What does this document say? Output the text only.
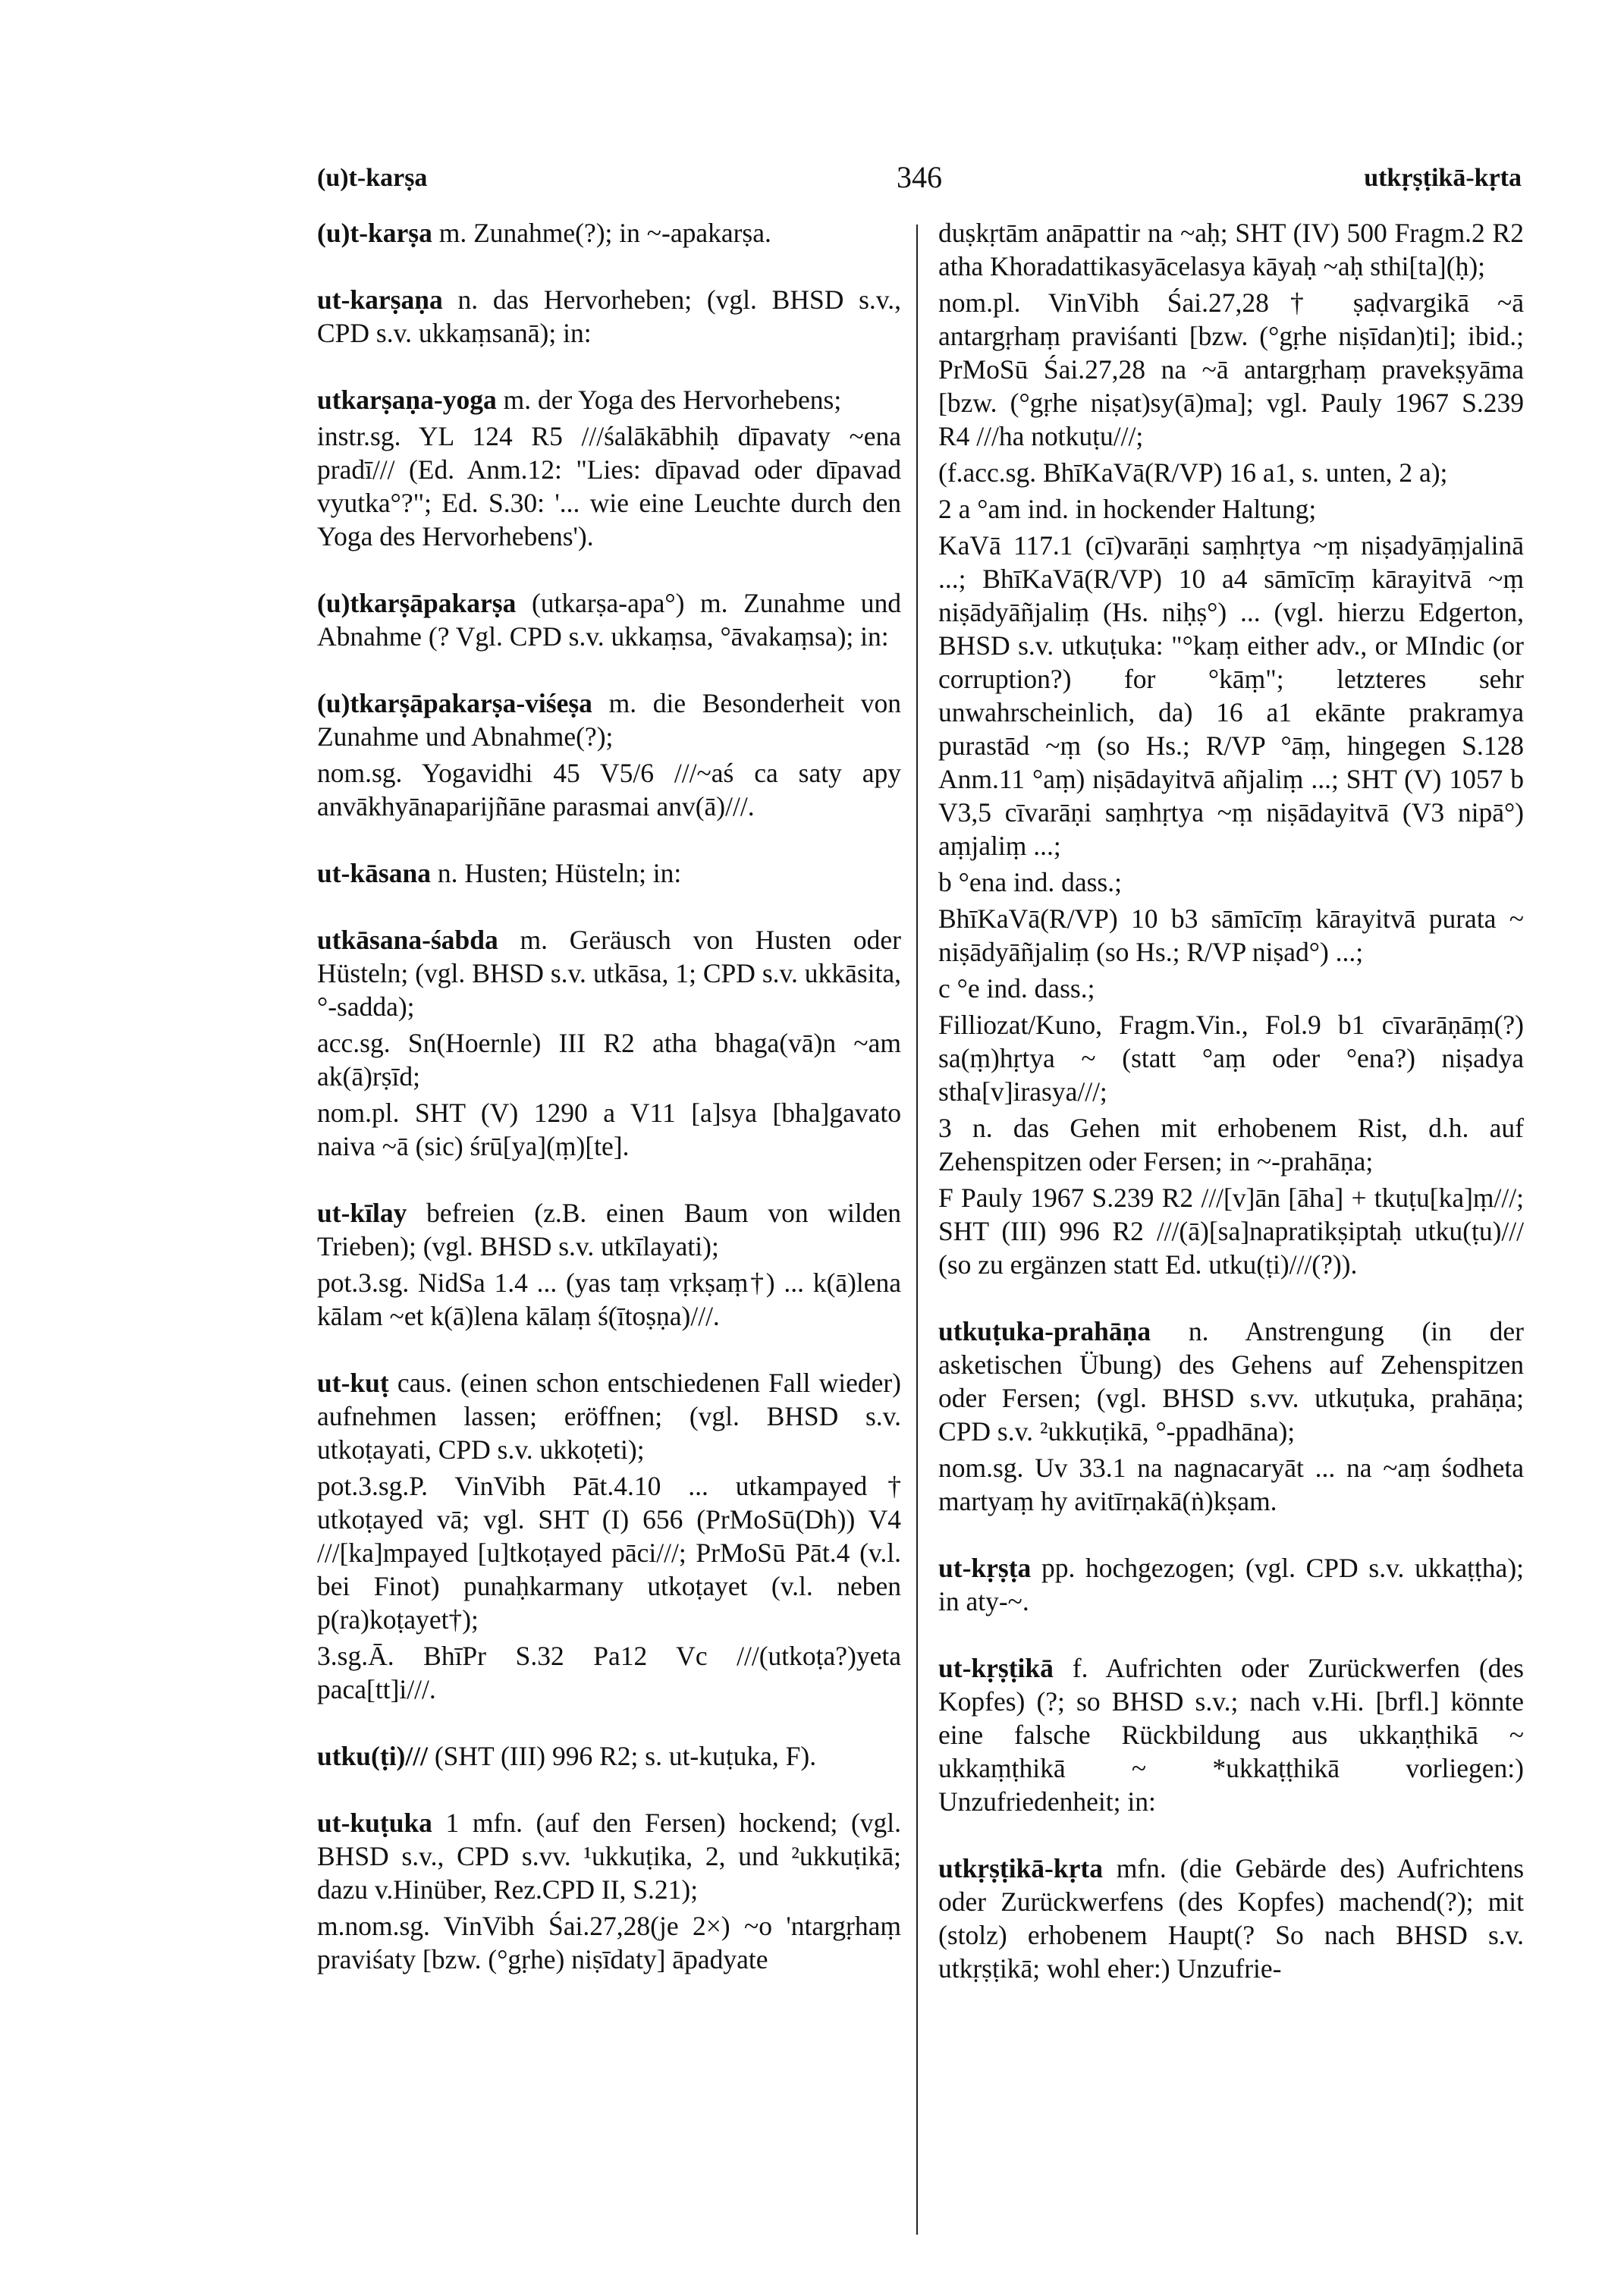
(u)t-karṣa	346	utkṛṣṭikā-kṛta

(u)t-karṣa m. Zunahme(?); in ~-apakarṣa.

ut-karṣaṇa n. das Hervorheben; (vgl. BHSD s.v., CPD s.v. ukkaṃsanā); in:

utkarṣaṇa-yoga m. der Yoga des Hervorhebens;

instr.sg. YL 124 R5 ///śalākābhiḥ dīpavaty ~ena pradī/// (Ed. Anm.12: "Lies: dīpavad oder dīpavad vyutka°?"; Ed. S.30: '... wie eine Leuchte durch den Yoga des Hervorhebens').

(u)tkarṣāpakarṣa (utkarṣa-apa°) m. Zunahme und Abnahme (? Vgl. CPD s.v. ukkaṃsa, °āvakaṃsa); in:

(u)tkarṣāpakarṣa-viśeṣa m. die Besonderheit von Zunahme und Abnahme(?);

nom.sg. Yogavidhi 45 V5/6 ///~aś ca saty apy anvākhyānaparijñāne parasmai anv(ā)///.

ut-kāsana n. Husten; Hüsteln; in:

utkāsana-śabda m. Geräusch von Husten oder Hüsteln; (vgl. BHSD s.v. utkāsa, 1; CPD s.v. ukkāsita, °-sadda);

acc.sg. Sn(Hoernle) III R2 atha bhaga(vā)n ~am ak(ā)rṣīd;

nom.pl. SHT (V) 1290 a V11 [a]sya [bha]gavato naiva ~ā (sic) śrū[ya](ṃ)[te].

ut-kīlay befreien (z.B. einen Baum von wilden Trieben); (vgl. BHSD s.v. utkīlayati);

pot.3.sg. NidSa 1.4 ... (yas taṃ vṛkṣaṃ†) ... k(ā)lena kālam ~et k(ā)lena kālaṃ ś(ītoṣṇa)///.

ut-kuṭ caus. (einen schon entschiedenen Fall wieder) aufnehmen lassen; eröffnen; (vgl. BHSD s.v. utkoṭayati, CPD s.v. ukkoṭeti);

pot.3.sg.P. VinVibh Pāt.4.10 ... utkampayed† utkoṭayed vā; vgl. SHT (I) 656 (PrMoSū(Dh)) V4 ///[ka]mpayed [u]tkoṭayed pāci///; PrMoSū Pāt.4 (v.l. bei Finot) punaḥkarmany utkoṭayet (v.l. neben p(ra)koṭayet†);

3.sg.Ā. BhīPr S.32 Pa12 Vc ///(utkoṭa?)yeta paca[tt]i///.

utku(ṭi)/// (SHT (III) 996 R2; s. ut-kuṭuka, F).

ut-kuṭuka 1 mfn. (auf den Fersen) hockend; (vgl. BHSD s.v., CPD s.vv. ¹ukkuṭika, 2, und ²ukkuṭikā; dazu v.Hinüber, Rez.CPD II, S.21);

m.nom.sg. VinVibh Śai.27,28(je 2×) ~o 'ntargṛhaṃ praviśaty [bzw. (°gṛhe) niṣīdaty] āpadyate

duṣkṛtām anāpattir na ~aḥ; SHT (IV) 500 Fragm.2 R2 atha Khoradattikasyācelasya kāyaḥ ~aḥ sthi[ta](ḥ);

nom.pl. VinVibh Śai.27,28† ṣaḍvargikā ~ā antargṛhaṃ praviśanti [bzw. (°gṛhe niṣīdan)ti]; ibid.; PrMoSū Śai.27,28 na ~ā antargṛhaṃ pravekṣyāma [bzw. (°gṛhe niṣat)sy(ā)ma]; vgl. Pauly 1967 S.239 R4 ///ha notkuṭu///;

(f.acc.sg. BhīKaVā(R/VP) 16 a1, s. unten, 2 a);

2 a °am ind. in hockender Haltung;

KaVā 117.1 (cī)varāṇi saṃhṛtya ~ṃ niṣadyāṃjalinā ...; BhīKaVā(R/VP) 10 a4 sāmīcīṃ kārayitvā ~ṃ niṣādyāñjaliṃ (Hs. niḥṣ°) ... (vgl. hierzu Edgerton, BHSD s.v. utkuṭuka: "°kaṃ either adv., or MIndic (or corruption?) for °kāṃ"; letzteres sehr unwahrscheinlich, da) 16 a1 ekānte prakramya purastād ~ṃ (so Hs.; R/VP °āṃ, hingegen S.128 Anm.11 °aṃ) niṣādayitvā añjaliṃ ...; SHT (V) 1057 b V3,5 cīvarāṇi saṃhṛtya ~ṃ niṣādayitvā (V3 nipā°) aṃjaliṃ ...;

b °ena ind. dass.;

BhīKaVā(R/VP) 10 b3 sāmīcīṃ kārayitvā purata ~ niṣādyāñjaliṃ (so Hs.; R/VP niṣad°) ...;

c °e ind. dass.;

Filliozat/Kuno, Fragm.Vin., Fol.9 b1 cīvarāṇāṃ(?) sa(ṃ)hṛtya ~ (statt °aṃ oder °ena?) niṣadya stha[v]irasya///;

3 n. das Gehen mit erhobenem Rist, d.h. auf Zehenspitzen oder Fersen; in ~-prahāṇa;

F Pauly 1967 S.239 R2 ///[v]ān [āha] + tkuṭu[ka]ṃ///; SHT (III) 996 R2 ///(ā)[sa]napratikṣiptaḥ utku(ṭu)/// (so zu ergänzen statt Ed. utku(ṭi)///(?)).

utkuṭuka-prahāṇa n. Anstrengung (in der asketischen Übung) des Gehens auf Zehenspitzen oder Fersen; (vgl. BHSD s.vv. utkuṭuka, prahāṇa; CPD s.v. ²ukkuṭikā, °-ppadhāna);

nom.sg. Uv 33.1 na nagnacaryāt ... na ~aṃ śodheta martyaṃ hy avitīrṇakā(ṅ)kṣam.

ut-kṛṣṭa pp. hochgezogen; (vgl. CPD s.v. ukkaṭṭha); in aty-~.

ut-kṛṣṭikā f. Aufrichten oder Zurückwerfen (des Kopfes) (?; so BHSD s.v.; nach v.Hi. [brfl.] könnte eine falsche Rückbildung aus ukkaṇṭhikā ~ ukkaṃṭhikā ~ *ukkaṭṭhikā vorliegen:) Unzufriedenheit; in:

utkṛṣṭikā-kṛta mfn. (die Gebärde des) Aufrichtens oder Zurückwerfens (des Kopfes) machend(?); mit (stolz) erhobenem Haupt(? So nach BHSD s.v. utkṛṣṭikā; wohl eher:) Unzufrie-
